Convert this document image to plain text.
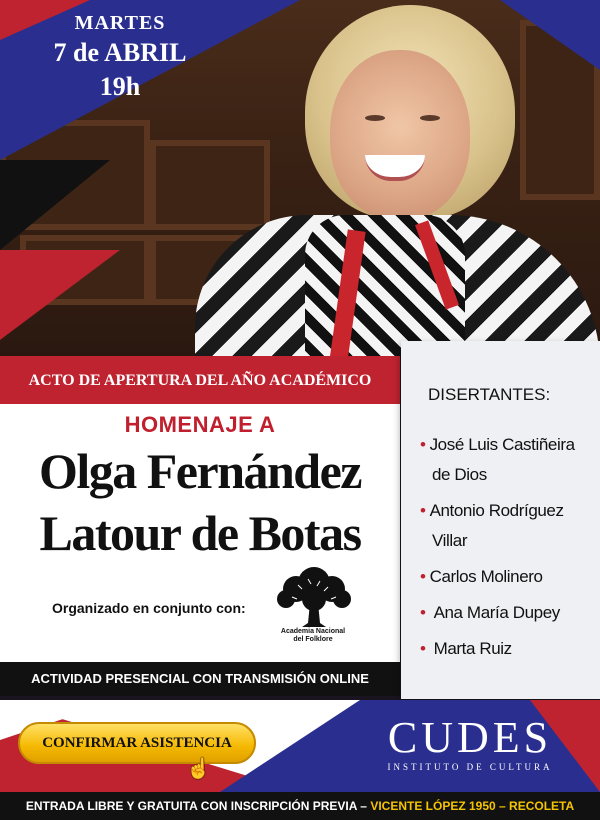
MARTES
7 de ABRIL
19h
ACTO DE APERTURA DEL AÑO ACADÉMICO
HOMENAJE A
Olga Fernández
Latour de Botas
Organizado en conjunto con:
Academia Nacional
del Folklore
ACTIVIDAD PRESENCIAL CON TRANSMISIÓN ONLINE
DISERTANTES:
• José Luis Castiñeira
de Dios
• Antonio Rodríguez
Villar
• Carlos Molinero
• Ana María Dupey
• Marta Ruiz
CONFIRMAR ASISTENCIA
☝
CUDES
INSTITUTO DE CULTURA
ENTRADA LIBRE Y GRATUITA CON INSCRIPCIÓN PREVIA – VICENTE LÓPEZ 1950 – RECOLETA
